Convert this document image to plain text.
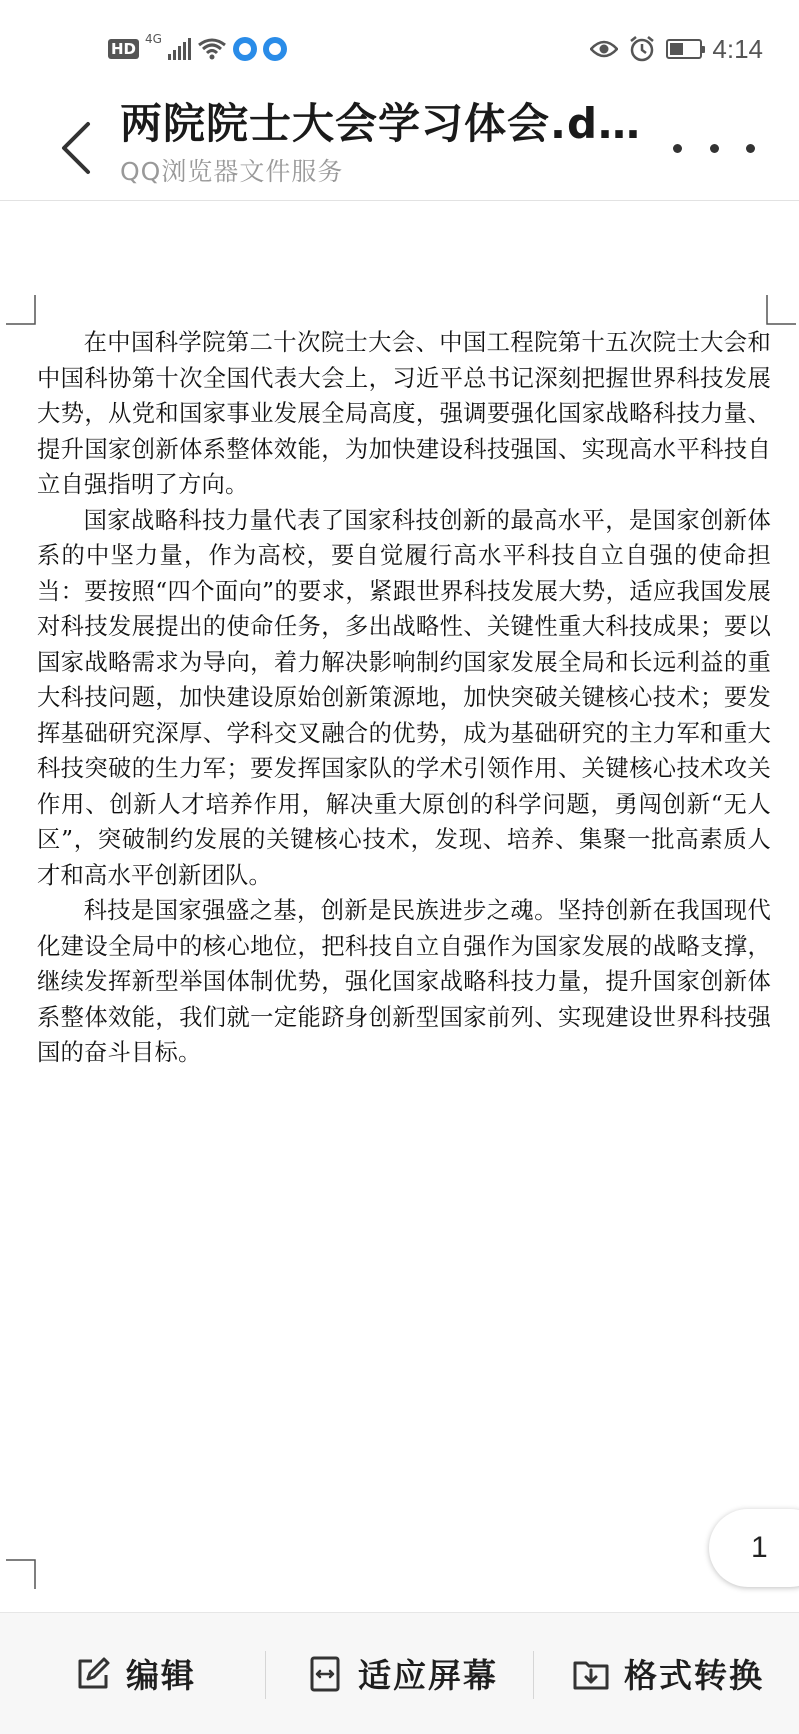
HD
4G	4:14
两院院士大会学习体会.d…
QQ浏览器文件服务

在中国科学院第二十次院士大会、中国工程院第十五次院士大会和中国科协第十次全国代表大会上，习近平总书记深刻把握世界科技发展大势，从党和国家事业发展全局高度，强调要强化国家战略科技力量、提升国家创新体系整体效能，为加快建设科技强国、实现高水平科技自立自强指明了方向。

国家战略科技力量代表了国家科技创新的最高水平，是国家创新体系的中坚力量，作为高校，要自觉履行高水平科技自立自强的使命担当：要按照“四个面向”的要求，紧跟世界科技发展大势，适应我国发展对科技发展提出的使命任务，多出战略性、关键性重大科技成果；要以国家战略需求为导向，着力解决影响制约国家发展全局和长远利益的重大科技问题，加快建设原始创新策源地，加快突破关键核心技术；要发挥基础研究深厚、学科交叉融合的优势，成为基础研究的主力军和重大科技突破的生力军；要发挥国家队的学术引领作用、关键核心技术攻关作用、创新人才培养作用，解决重大原创的科学问题，勇闯创新“无人区”，突破制约发展的关键核心技术，发现、培养、集聚一批高素质人才和高水平创新团队。

科技是国家强盛之基，创新是民族进步之魂。坚持创新在我国现代化建设全局中的核心地位，把科技自立自强作为国家发展的战略支撑，继续发挥新型举国体制优势，强化国家战略科技力量，提升国家创新体系整体效能，我们就一定能跻身创新型国家前列、实现建设世界科技强国的奋斗目标。

1
编辑	适应屏幕	格式转换
